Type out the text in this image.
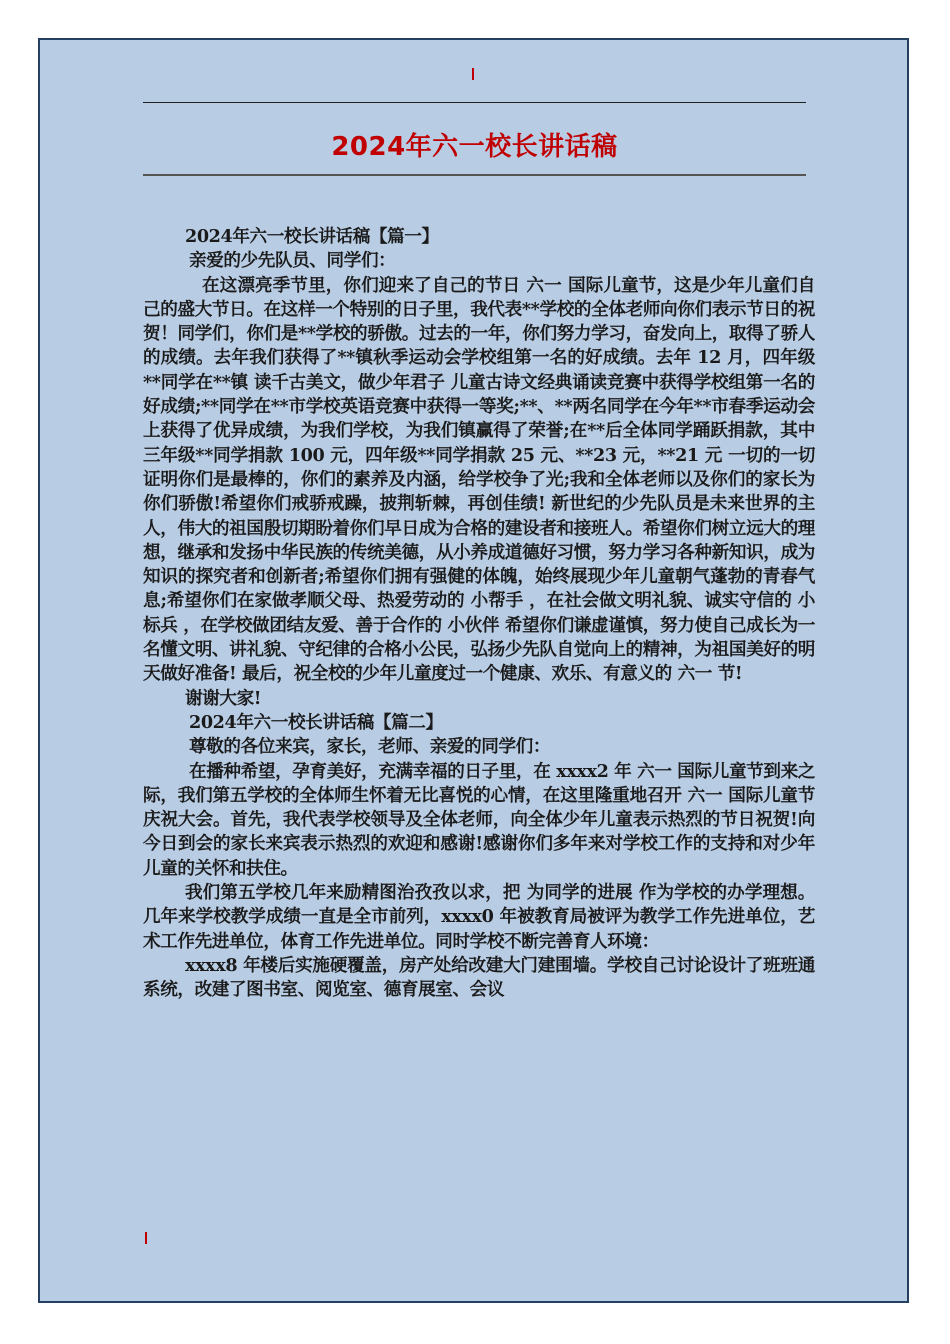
2024年六一校长讲话稿

2024年六一校长讲话稿【篇一】

亲爱的少先队员、同学们：

在这漂亮季节里，你们迎来了自己的节日 六一 国际儿童节，这是少年儿童们自己的盛大节日。在这样一个特别的日子里，我代表**学校的全体老师向你们表示节日的祝贺！同学们，你们是**学校的骄傲。过去的一年，你们努力学习，奋发向上，取得了骄人的成绩。去年我们获得了**镇秋季运动会学校组第一名的好成绩。去年 12 月，四年级**同学在**镇 读千古美文，做少年君子 儿童古诗文经典诵读竞赛中获得学校组第一名的好成绩;**同学在**市学校英语竞赛中获得一等奖;**、**两名同学在今年**市春季运动会上获得了优异成绩，为我们学校，为我们镇赢得了荣誉;在**后全体同学踊跃捐款，其中三年级**同学捐款 100 元，四年级**同学捐款 25 元、**23 元，**21 元 一切的一切证明你们是最棒的，你们的素养及内涵，给学校争了光;我和全体老师以及你们的家长为你们骄傲!希望你们戒骄戒躁，披荆斩棘，再创佳绩! 新世纪的少先队员是未来世界的主人，伟大的祖国殷切期盼着你们早日成为合格的建设者和接班人。希望你们树立远大的理想，继承和发扬中华民族的传统美德，从小养成道德好习惯，努力学习各种新知识，成为知识的探究者和创新者;希望你们拥有强健的体魄，始终展现少年儿童朝气蓬勃的青春气息;希望你们在家做孝顺父母、热爱劳动的 小帮手 ，在社会做文明礼貌、诚实守信的 小标兵 ，在学校做团结友爱、善于合作的 小伙伴 希望你们谦虚谨慎，努力使自己成长为一名懂文明、讲礼貌、守纪律的合格小公民，弘扬少先队自觉向上的精神，为祖国美好的明天做好准备! 最后，祝全校的少年儿童度过一个健康、欢乐、有意义的 六一 节!

谢谢大家!

2024年六一校长讲话稿【篇二】

尊敬的各位来宾，家长，老师、亲爱的同学们：

在播种希望，孕育美好，充满幸福的日子里，在 xxxx2 年 六一 国际儿童节到来之际，我们第五学校的全体师生怀着无比喜悦的心情，在这里隆重地召开 六一 国际儿童节庆祝大会。首先，我代表学校领导及全体老师，向全体少年儿童表示热烈的节日祝贺!向今日到会的家长来宾表示热烈的欢迎和感谢!感谢你们多年来对学校工作的支持和对少年儿童的关怀和扶住。

我们第五学校几年来励精图治孜孜以求，把 为同学的进展 作为学校的办学理想。几年来学校教学成绩一直是全市前列，xxxx0 年被教育局被评为教学工作先进单位，艺术工作先进单位，体育工作先进单位。同时学校不断完善育人环境：

xxxx8 年楼后实施硬覆盖，房产处给改建大门建围墙。学校自己讨论设计了班班通系统，改建了图书室、阅览室、德育展室、会议
